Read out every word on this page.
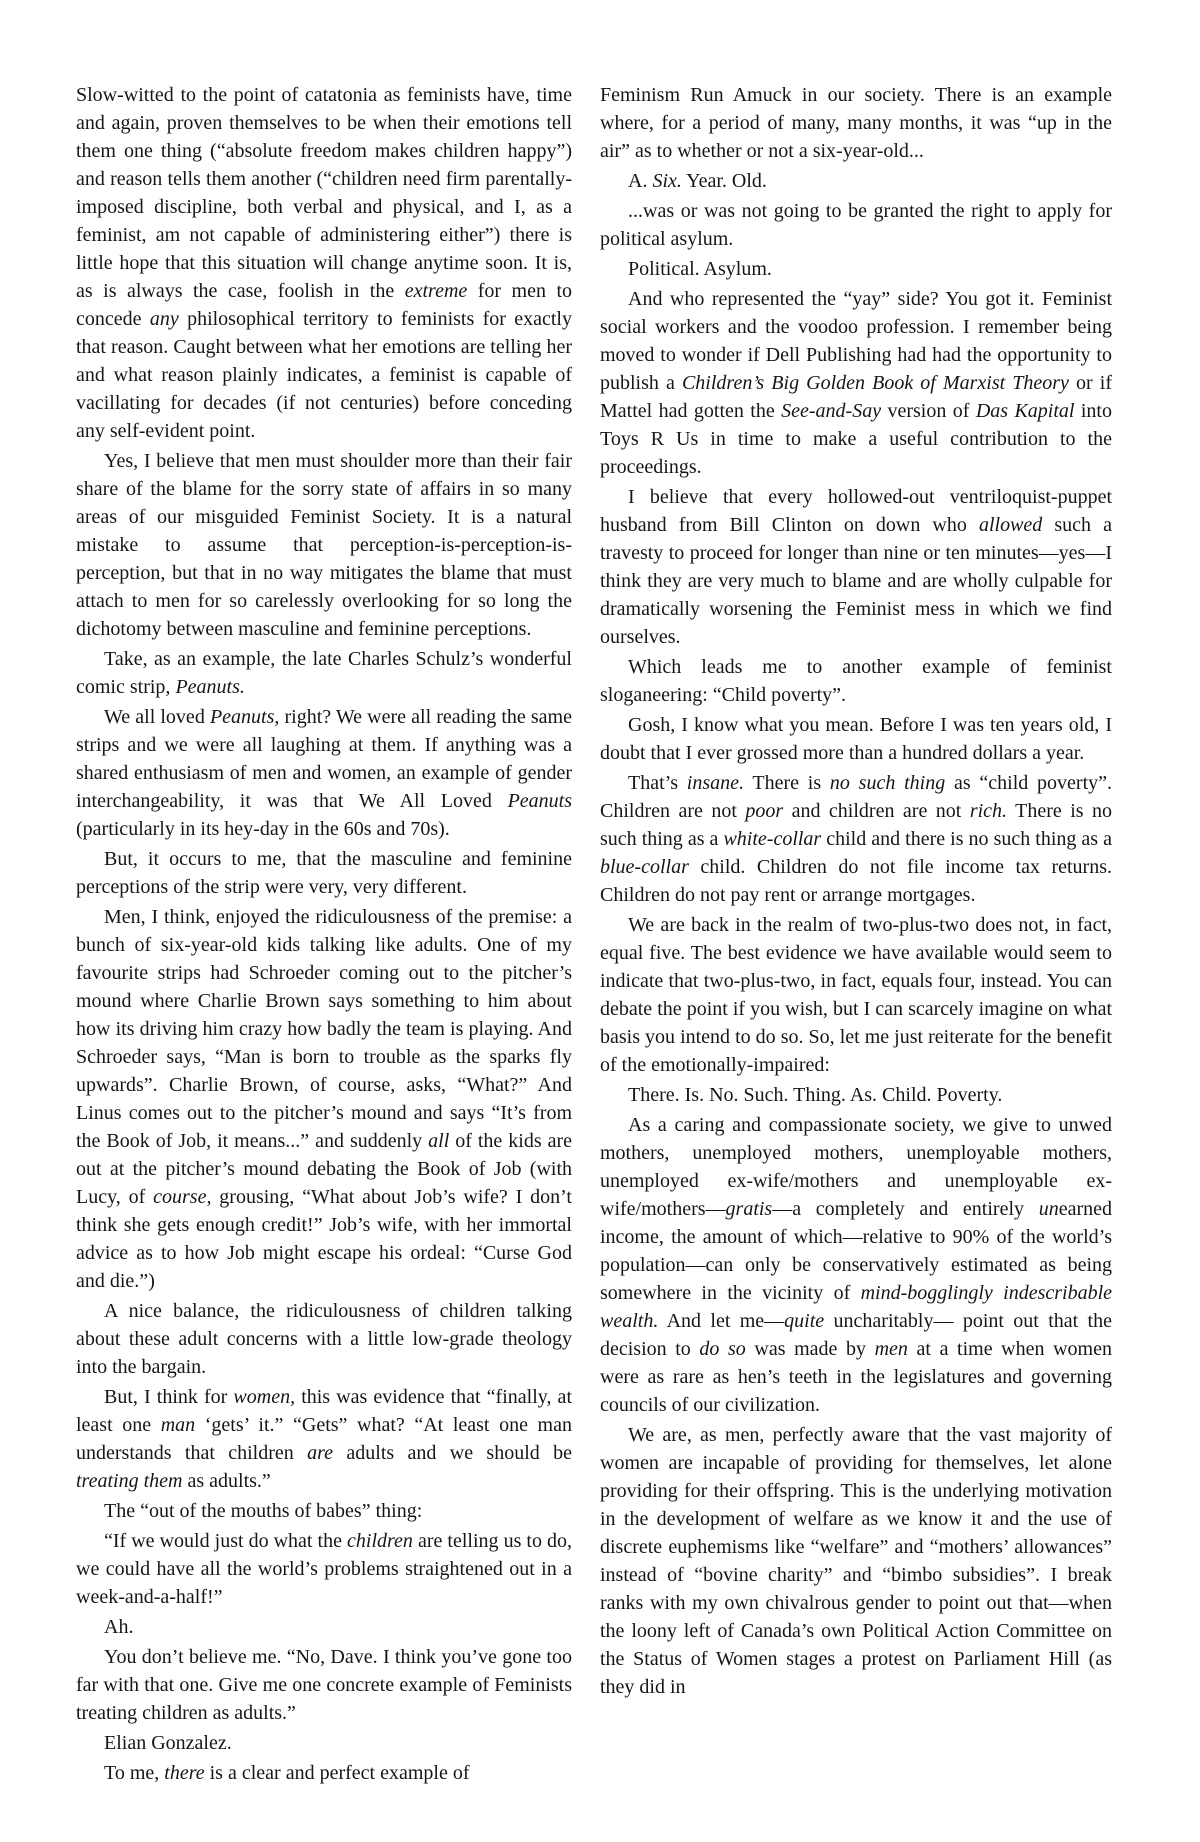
Slow-witted to the point of catatonia as feminists have, time and again, proven themselves to be when their emotions tell them one thing (“absolute freedom makes children happy”) and reason tells them another (“children need firm parentally-imposed discipline, both verbal and physical, and I, as a feminist, am not capable of administering either”) there is little hope that this situation will change anytime soon. It is, as is always the case, foolish in the extreme for men to concede any philosophical territory to feminists for exactly that reason. Caught between what her emotions are telling her and what reason plainly indicates, a feminist is capable of vacillating for decades (if not centuries) before conceding any self-evident point.

Yes, I believe that men must shoulder more than their fair share of the blame for the sorry state of affairs in so many areas of our misguided Feminist Society. It is a natural mistake to assume that perception-is-perception-is-perception, but that in no way mitigates the blame that must attach to men for so carelessly overlooking for so long the dichotomy between masculine and feminine perceptions.

Take, as an example, the late Charles Schulz’s wonderful comic strip, Peanuts.

We all loved Peanuts, right? We were all reading the same strips and we were all laughing at them. If anything was a shared enthusiasm of men and women, an example of gender interchangeability, it was that We All Loved Peanuts (particularly in its hey-day in the 60s and 70s).

But, it occurs to me, that the masculine and feminine perceptions of the strip were very, very different.

Men, I think, enjoyed the ridiculousness of the premise: a bunch of six-year-old kids talking like adults. One of my favourite strips had Schroeder coming out to the pitcher’s mound where Charlie Brown says something to him about how its driving him crazy how badly the team is playing. And Schroeder says, “Man is born to trouble as the sparks fly upwards”. Charlie Brown, of course, asks, “What?” And Linus comes out to the pitcher’s mound and says “It’s from the Book of Job, it means...” and suddenly all of the kids are out at the pitcher’s mound debating the Book of Job (with Lucy, of course, grousing, “What about Job’s wife? I don’t think she gets enough credit!” Job’s wife, with her immortal advice as to how Job might escape his ordeal: “Curse God and die.”)

A nice balance, the ridiculousness of children talking about these adult concerns with a little low-grade theology into the bargain.

But, I think for women, this was evidence that “finally, at least one man ‘gets’ it.” “Gets” what? “At least one man understands that children are adults and we should be treating them as adults.”

The “out of the mouths of babes” thing:

“If we would just do what the children are telling us to do, we could have all the world’s problems straightened out in a week-and-a-half!”

Ah.

You don’t believe me. “No, Dave. I think you’ve gone too far with that one. Give me one concrete example of Feminists treating children as adults.”

Elian Gonzalez.

To me, there is a clear and perfect example of

Feminism Run Amuck in our society. There is an example where, for a period of many, many months, it was “up in the air” as to whether or not a six-year-old...

A. Six. Year. Old.

...was or was not going to be granted the right to apply for political asylum.

Political. Asylum.

And who represented the “yay” side? You got it. Feminist social workers and the voodoo profession. I remember being moved to wonder if Dell Publishing had had the opportunity to publish a Children’s Big Golden Book of Marxist Theory or if Mattel had gotten the See-and-Say version of Das Kapital into Toys R Us in time to make a useful contribution to the proceedings.

I believe that every hollowed-out ventriloquist-puppet husband from Bill Clinton on down who allowed such a travesty to proceed for longer than nine or ten minutes—yes—I think they are very much to blame and are wholly culpable for dramatically worsening the Feminist mess in which we find ourselves.

Which leads me to another example of feminist sloganeering: “Child poverty”.

Gosh, I know what you mean. Before I was ten years old, I doubt that I ever grossed more than a hundred dollars a year.

That’s insane. There is no such thing as “child poverty”. Children are not poor and children are not rich. There is no such thing as a white-collar child and there is no such thing as a blue-collar child. Children do not file income tax returns. Children do not pay rent or arrange mortgages.

We are back in the realm of two-plus-two does not, in fact, equal five. The best evidence we have available would seem to indicate that two-plus-two, in fact, equals four, instead. You can debate the point if you wish, but I can scarcely imagine on what basis you intend to do so. So, let me just reiterate for the benefit of the emotionally-impaired:

There. Is. No. Such. Thing. As. Child. Poverty.

As a caring and compassionate society, we give to unwed mothers, unemployed mothers, unemployable mothers, unemployed ex-wife/mothers and unemployable ex-wife/mothers—gratis—a completely and entirely unearned income, the amount of which—relative to 90% of the world’s population—can only be conservatively estimated as being somewhere in the vicinity of mind-bogglingly indescribable wealth. And let me—quite uncharitably— point out that the decision to do so was made by men at a time when women were as rare as hen’s teeth in the legislatures and governing councils of our civilization.

We are, as men, perfectly aware that the vast majority of women are incapable of providing for themselves, let alone providing for their offspring. This is the underlying motivation in the development of welfare as we know it and the use of discrete euphemisms like “welfare” and “mothers’ allowances” instead of “bovine charity” and “bimbo subsidies”. I break ranks with my own chivalrous gender to point out that—when the loony left of Canada’s own Political Action Committee on the Status of Women stages a protest on Parliament Hill (as they did in
